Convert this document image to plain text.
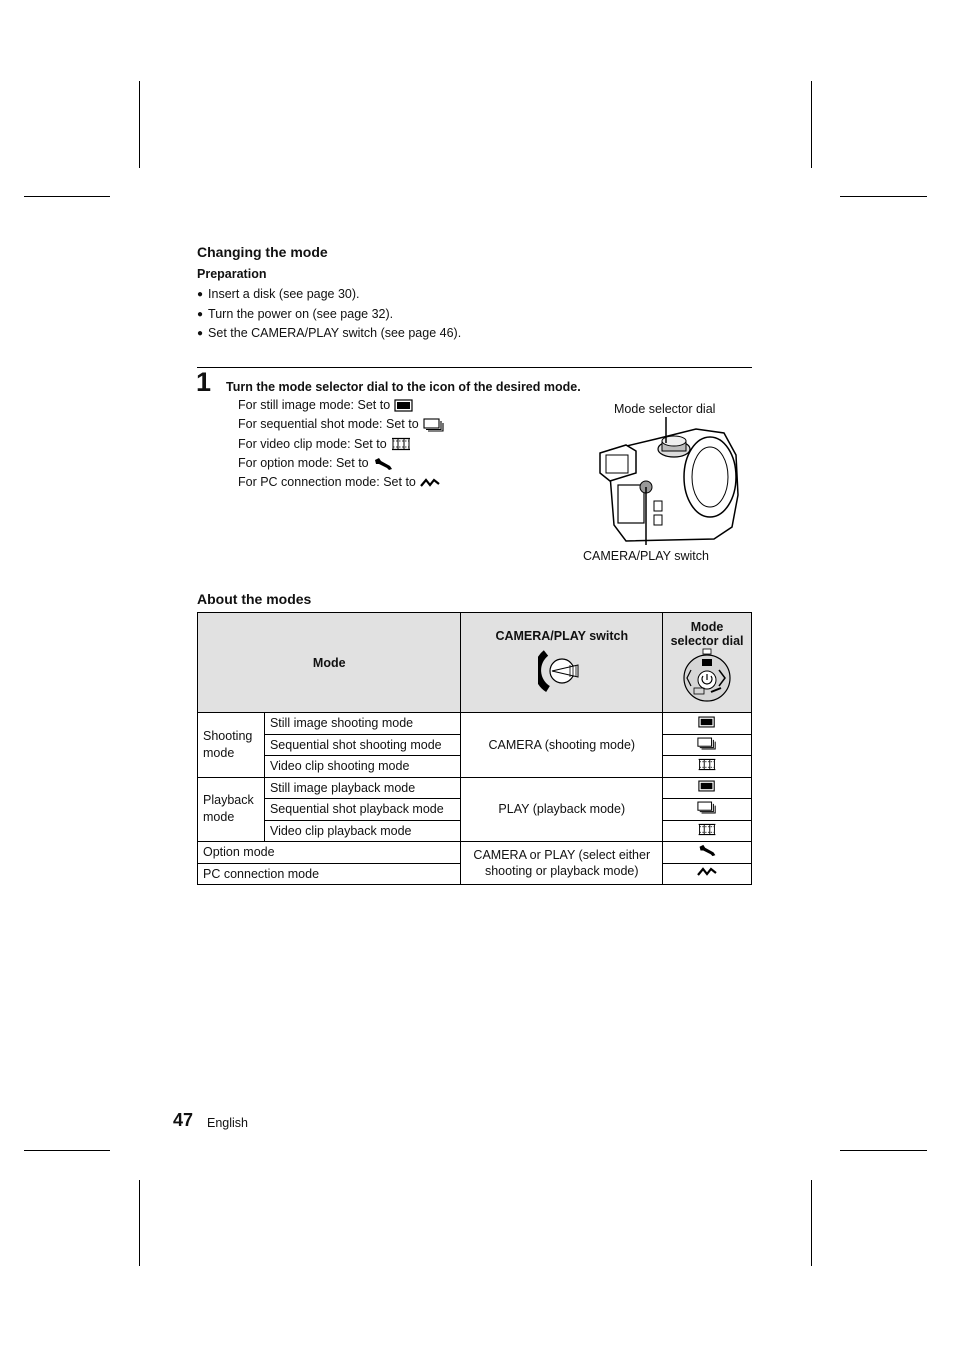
Changing the mode
Preparation
● Insert a disk (see page 30).
● Turn the power on (see page 32).
● Set the CAMERA/PLAY switch (see page 46).
1 Turn the mode selector dial to the icon of the desired mode.
For still image mode: Set to
For sequential shot mode: Set to
For video clip mode: Set to
For option mode: Set to
For PC connection mode: Set to
Mode selector dial
CAMERA/PLAY switch
About the modes
Mode		CAMERA/PLAY switch	Mode
selector dial

Shooting mode	Still image shooting mode	CAMERA (shooting mode)	
	Sequential shot shooting mode	
	Video clip shooting mode	
Playback mode	Still image playback mode	PLAY (playback mode)	
	Sequential shot playback mode	
	Video clip playback mode	
Option mode		CAMERA or PLAY (select either shooting or playback mode)	
PC connection mode	
47 English
